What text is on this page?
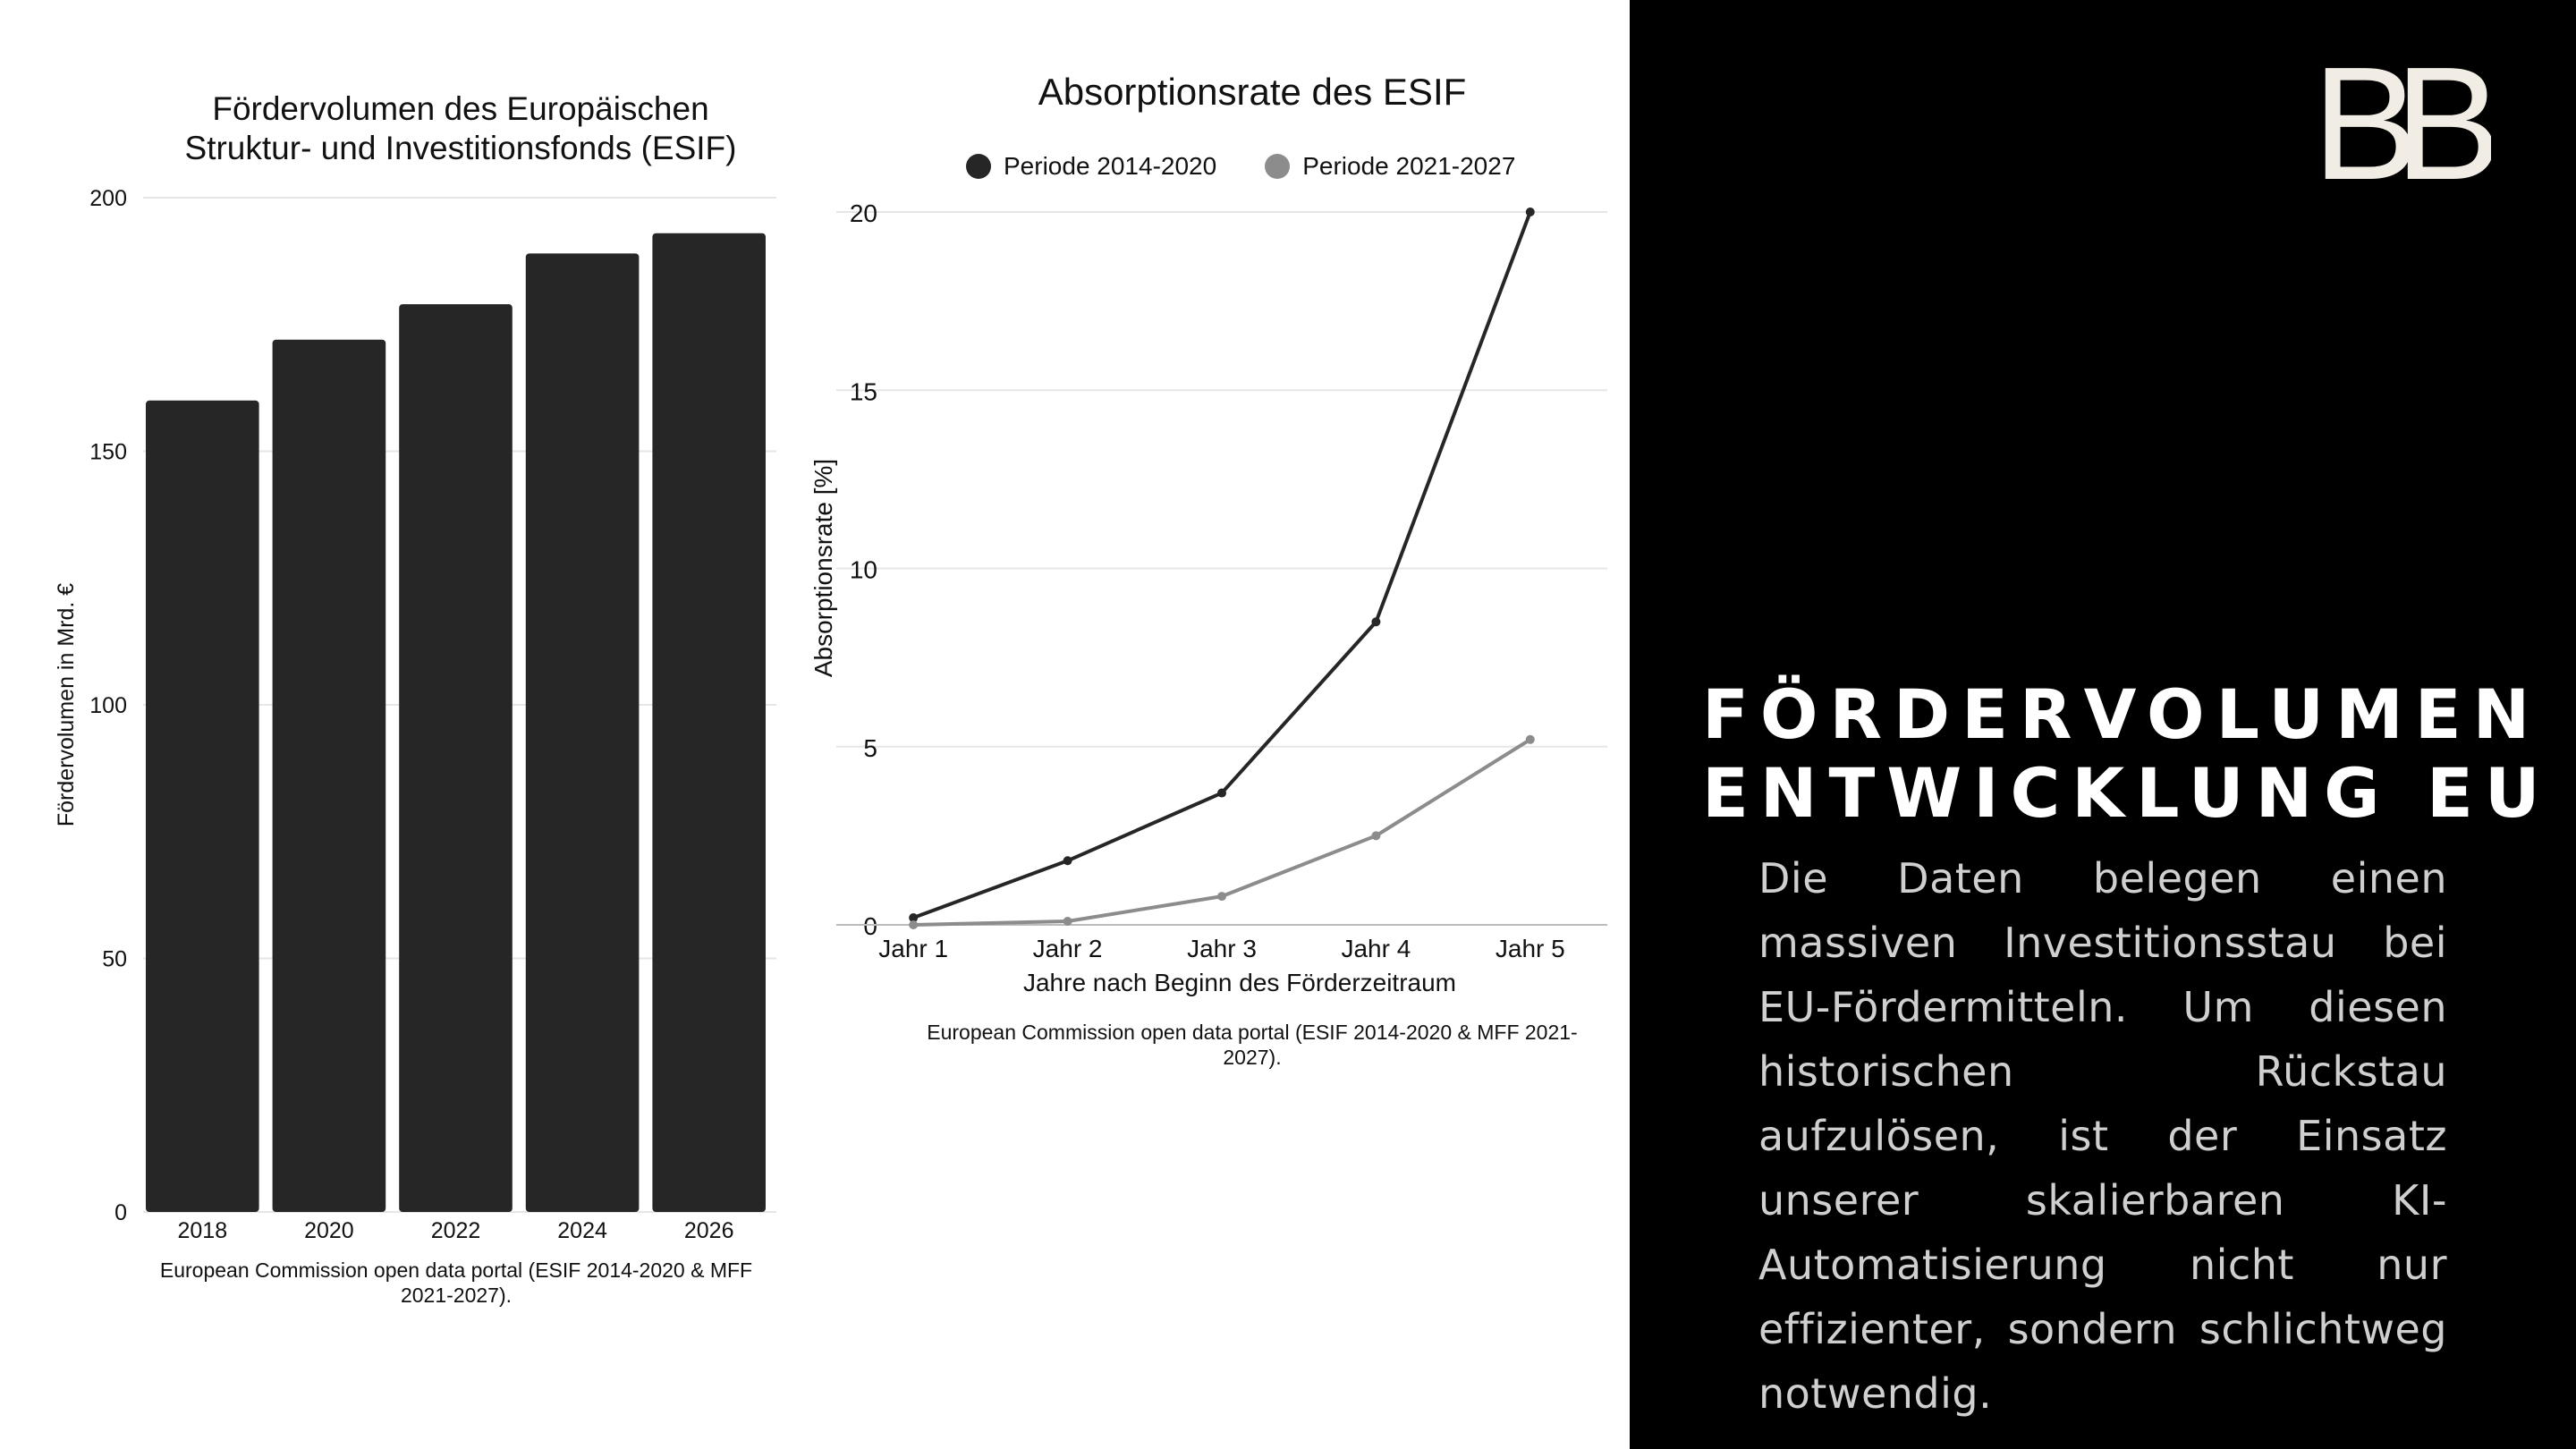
Fördervolumen des Europäischen Struktur- und Investitionsfonds (ESIF)
0
50
100
150
200
2018	2020	2022	2024	2026
Fördervolumen in Mrd. €
European Commission open data portal (ESIF 2014-2020 & MFF 2021-2027).
Absorptionsrate des ESIF
Periode 2014-2020	Periode 2021-2027
0
5
10
15
20
Jahr 1	Jahr 2	Jahr 3	Jahr 4	Jahr 5
Jahre nach Beginn des Förderzeitraum
Absorptionsrate [%]
European Commission open data portal (ESIF 2014-2020 & MFF 2021-2027).
BB
FÖRDERVOLUMEN
ENTWICKLUNG EU
Die Daten belegen einen massiven Investitionsstau bei EU-Fördermitteln. Um diesen historischen Rückstau aufzulösen, ist der Einsatz unserer skalierbaren KI-Automatisierung nicht nur effizienter, sondern schlichtweg notwendig.
